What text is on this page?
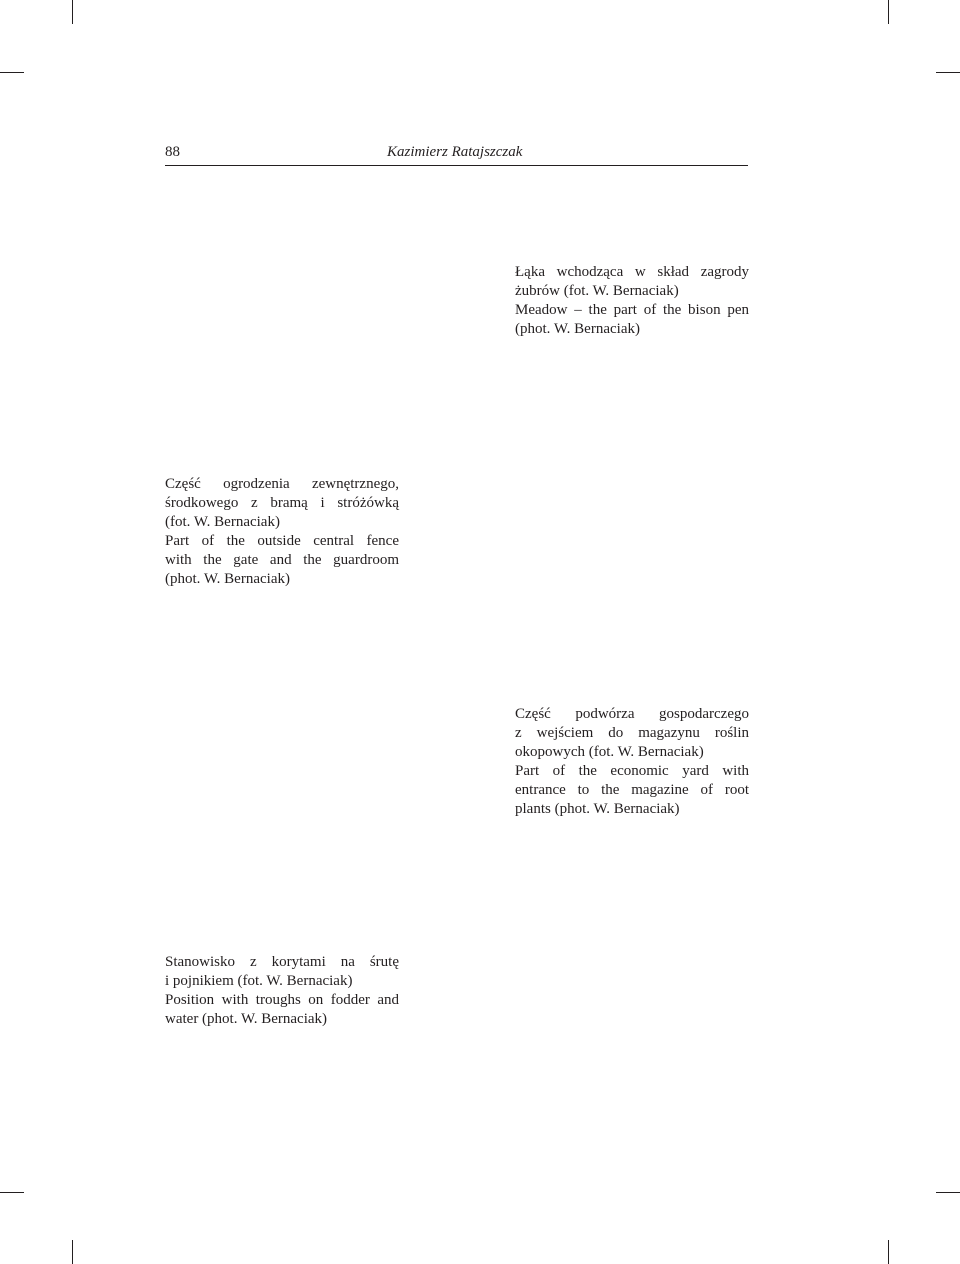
88	Kazimierz Ratajszczak
Łąka wchodząca w skład zagrody
żubrów (fot. W. Bernaciak)
Meadow – the part of the bison pen
(phot. W. Bernaciak)
Część ogrodzenia zewnętrznego,
środkowego z bramą i stróżówką
(fot. W. Bernaciak)
Part of the outside central fence
with the gate and the guardroom
(phot. W. Bernaciak)
Część podwórza gospodarczego
z wejściem do magazynu roślin
okopowych (fot. W. Bernaciak)
Part of the economic yard with
entrance to the magazine of root
plants (phot. W. Bernaciak)
Stanowisko z korytami na śrutę
i pojnikiem (fot. W. Bernaciak)
Position with troughs on fodder and
water (phot. W. Bernaciak)
